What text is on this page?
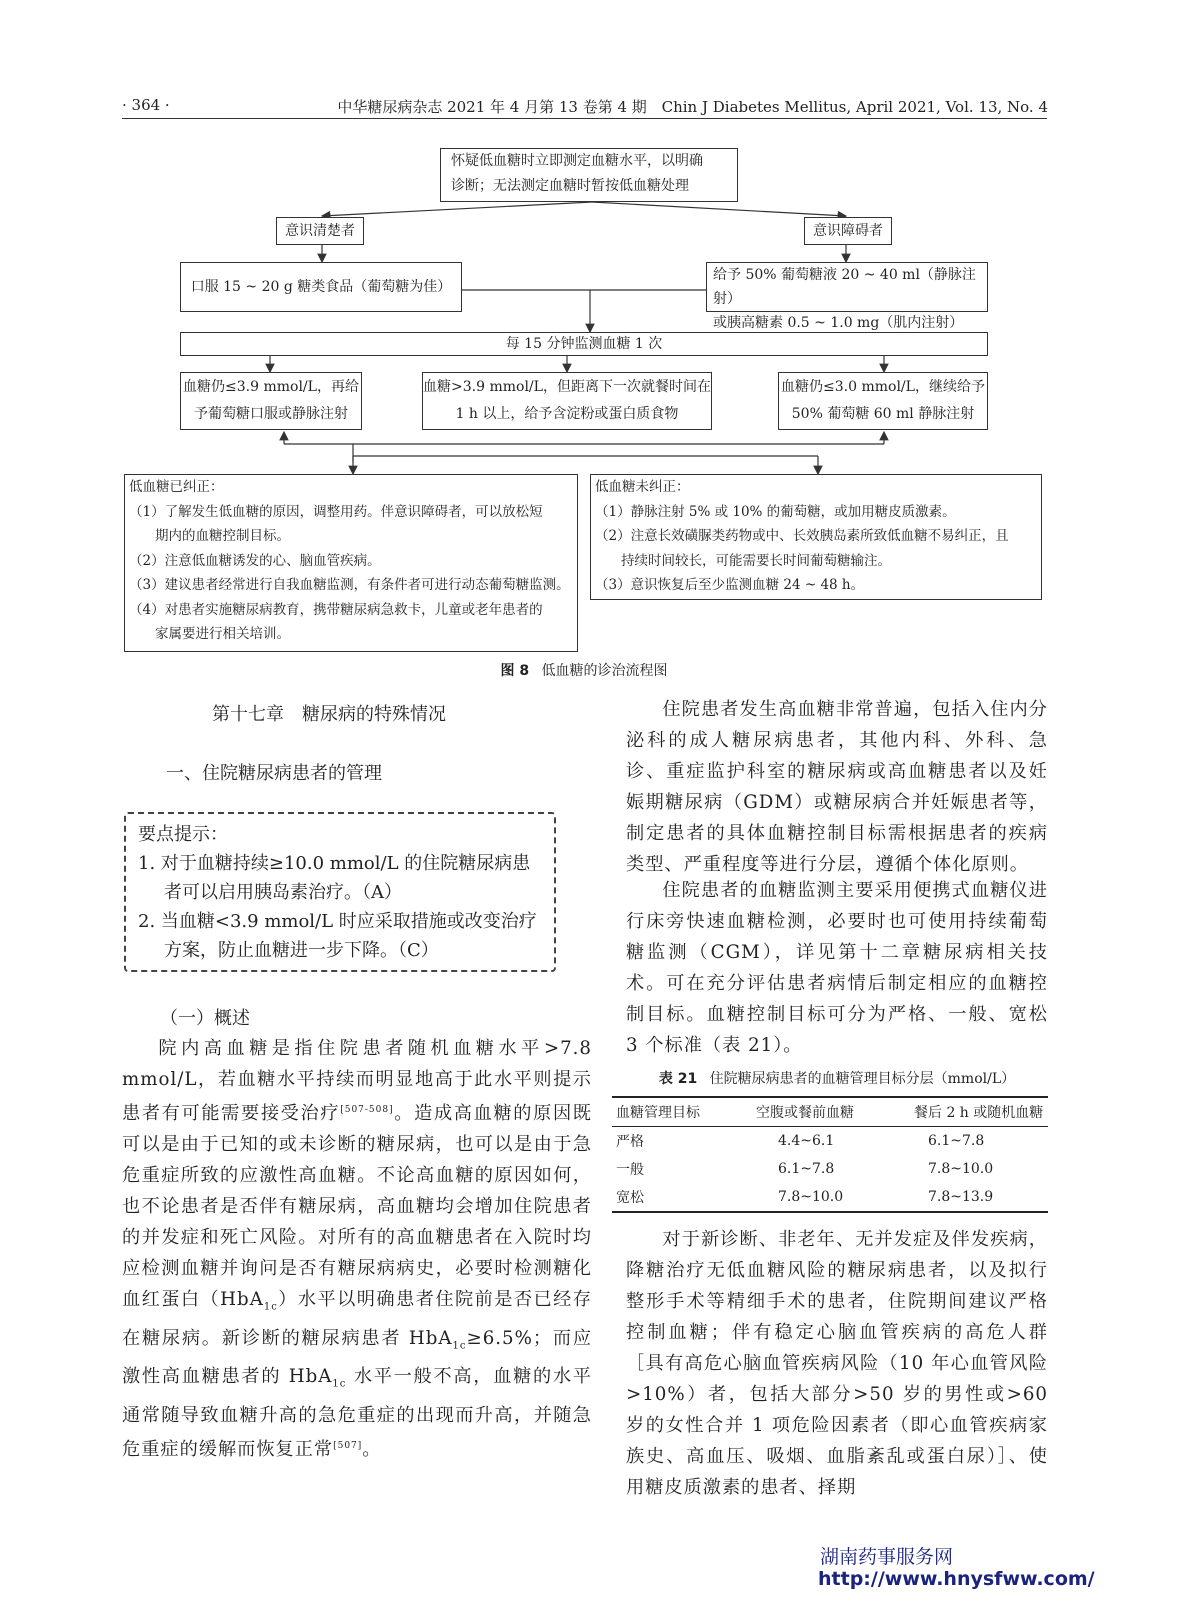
· 364 ·	中华糖尿病杂志 2021 年 4 月第 13 卷第 4 期 Chin J Diabetes Mellitus, April 2021, Vol. 13, No. 4
怀疑低血糖时立即测定血糖水平，以明确
诊断；无法测定血糖时暂按低血糖处理
意识清楚者	意识障碍者
口服 15 ~ 20 g 糖类食品（葡萄糖为佳）
给予 50% 葡萄糖液 20 ~ 40 ml（静脉注射）
或胰高糖素 0.5 ~ 1.0 mg（肌内注射）
每 15 分钟监测血糖 1 次
血糖仍≤3.9 mmol/L，再给
予葡萄糖口服或静脉注射
血糖>3.9 mmol/L，但距离下一次就餐时间在
1 h 以上，给予含淀粉或蛋白质食物
血糖仍≤3.0 mmol/L，继续给予
50% 葡萄糖 60 ml 静脉注射
低血糖已纠正：
（1）了解发生低血糖的原因，调整用药。伴意识障碍者，可以放松短
期内的血糖控制目标。
（2）注意低血糖诱发的心、脑血管疾病。
（3）建议患者经常进行自我血糖监测，有条件者可进行动态葡萄糖监测。
（4）对患者实施糖尿病教育，携带糖尿病急救卡，儿童或老年患者的
家属要进行相关培训。
低血糖未纠正：
（1）静脉注射 5% 或 10% 的葡萄糖，或加用糖皮质激素。
（2）注意长效磺脲类药物或中、长效胰岛素所致低血糖不易纠正，且
持续时间较长，可能需要长时间葡萄糖输注。
（3）意识恢复后至少监测血糖 24 ~ 48 h。
图 8 低血糖的诊治流程图
第十七章　糖尿病的特殊情况
一、住院糖尿病患者的管理
要点提示：
1. 对于血糖持续≥10.0 mmol/L 的住院糖尿病患
者可以启用胰岛素治疗。（A）
2. 当血糖<3.9 mmol/L 时应采取措施或改变治疗
方案，防止血糖进一步下降。（C）
（一）概述
院内高血糖是指住院患者随机血糖水平>7.8 mmol/L，若血糖水平持续而明显地高于此水平则提示患者有可能需要接受治疗[507-508]。造成高血糖的原因既可以是由于已知的或未诊断的糖尿病，也可以是由于急危重症所致的应激性高血糖。不论高血糖的原因如何，也不论患者是否伴有糖尿病，高血糖均会增加住院患者的并发症和死亡风险。对所有的高血糖患者在入院时均应检测血糖并询问是否有糖尿病病史，必要时检测糖化血红蛋白（HbA$_{1c}$）水平以明确患者住院前是否已经存在糖尿病。新诊断的糖尿病患者 HbA$_{1c}$≥6.5%；而应激性高血糖患者的 HbA$_{1c}$ 水平一般不高，血糖的水平通常随导致血糖升高的急危重症的出现而升高，并随急危重症的缓解而恢复正常[507]。
住院患者发生高血糖非常普遍，包括入住内分泌科的成人糖尿病患者，其他内科、外科、急诊、重症监护科室的糖尿病或高血糖患者以及妊娠期糖尿病（GDM）或糖尿病合并妊娠患者等，制定患者的具体血糖控制目标需根据患者的疾病类型、严重程度等进行分层，遵循个体化原则。
住院患者的血糖监测主要采用便携式血糖仪进行床旁快速血糖检测，必要时也可使用持续葡萄糖监测（CGM），详见第十二章糖尿病相关技术。可在充分评估患者病情后制定相应的血糖控制目标。血糖控制目标可分为严格、一般、宽松 3 个标准（表 21）。
表 21 住院糖尿病患者的血糖管理目标分层（mmol/L）
血糖管理目标	空腹或餐前血糖	餐后 2 h 或随机血糖
严格	4.4~6.1	6.1~7.8
一般	6.1~7.8	7.8~10.0
宽松	7.8~10.0	7.8~13.9
对于新诊断、非老年、无并发症及伴发疾病，降糖治疗无低血糖风险的糖尿病患者，以及拟行整形手术等精细手术的患者，住院期间建议严格控制血糖；伴有稳定心脑血管疾病的高危人群［具有高危心脑血管疾病风险（10 年心血管风险>10%）者，包括大部分>50 岁的男性或>60 岁的女性合并 1 项危险因素者（即心血管疾病家族史、高血压、吸烟、血脂紊乱或蛋白尿）］、使用糖皮质激素的患者、择期
湖南药事服务网
http://www.hnysfww.com/
